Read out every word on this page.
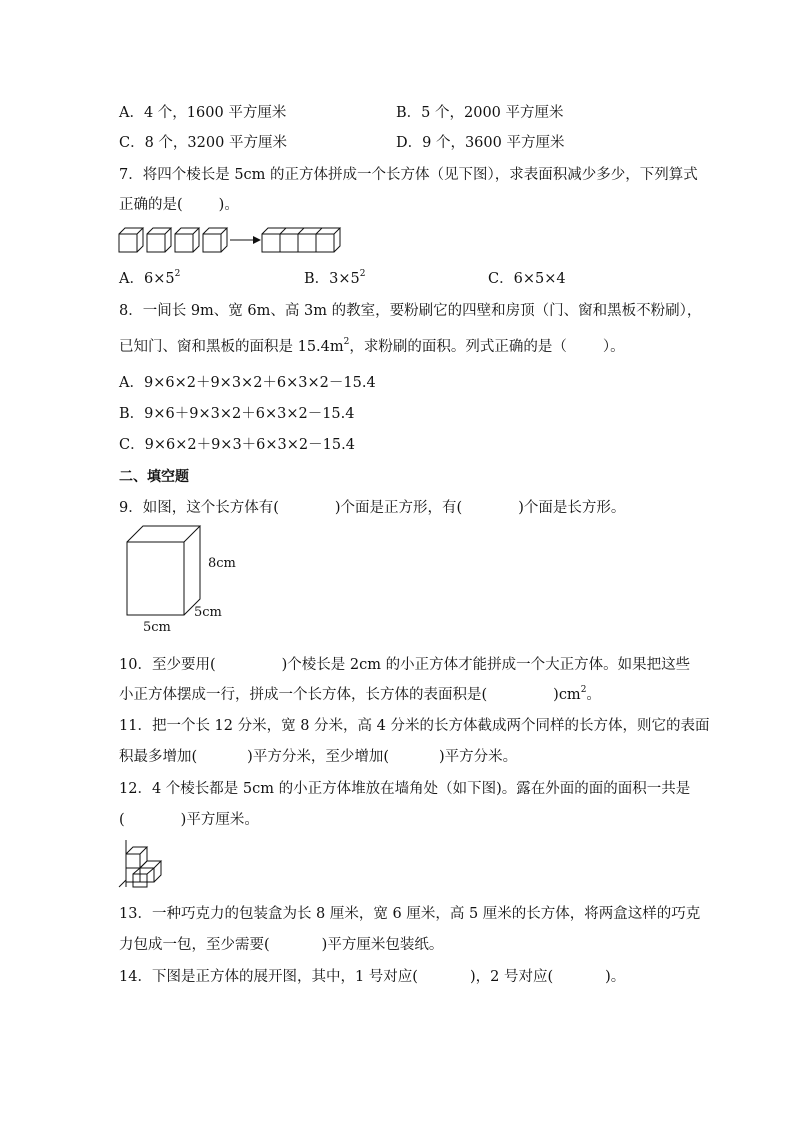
A．4 个，1600 平方厘米	B．5 个，2000 平方厘米
C．8 个，3200 平方厘米	D．9 个，3600 平方厘米
7．将四个棱长是 5cm 的正方体拼成一个长方体（见下图），求表面积减少多少，下列算式
正确的是( )。
A．$6\times 5^2$	B．$3\times 5^2$	C．6×5×4
8．一间长 9m、宽 6m、高 3m 的教室，要粉刷它的四壁和房顶（门、窗和黑板不粉刷），
已知门、窗和黑板的面积是 $15.4m^2$，求粉刷的面积。列式正确的是（ ）。
A．9×6×2＋9×3×2＋6×3×2－15.4
B．9×6＋9×3×2＋6×3×2－15.4
C．9×6×2＋9×3＋6×3×2－15.4
二、填空题
9．如图，这个长方体有(	)个面是正方形，有(	)个面是长方形。
8cm
5cm
5cm
10．至少要用(	)个棱长是 2cm 的小正方体才能拼成一个大正方体。如果把这些
小正方体摆成一行，拼成一个长方体，长方体的表面积是(	)$cm^2$。
11．把一个长 12 分米，宽 8 分米，高 4 分米的长方体截成两个同样的长方体，则它的表面
积最多增加(	)平方分米，至少增加(	)平方分米。
12．4 个棱长都是 5cm 的小正方体堆放在墙角处（如下图)。露在外面的面的面积一共是
(	)平方厘米。
13．一种巧克力的包装盒为长 8 厘米，宽 6 厘米，高 5 厘米的长方体，将两盒这样的巧克
力包成一包，至少需要(	)平方厘米包装纸。
14．下图是正方体的展开图，其中，1 号对应(	)，2 号对应(	)。
